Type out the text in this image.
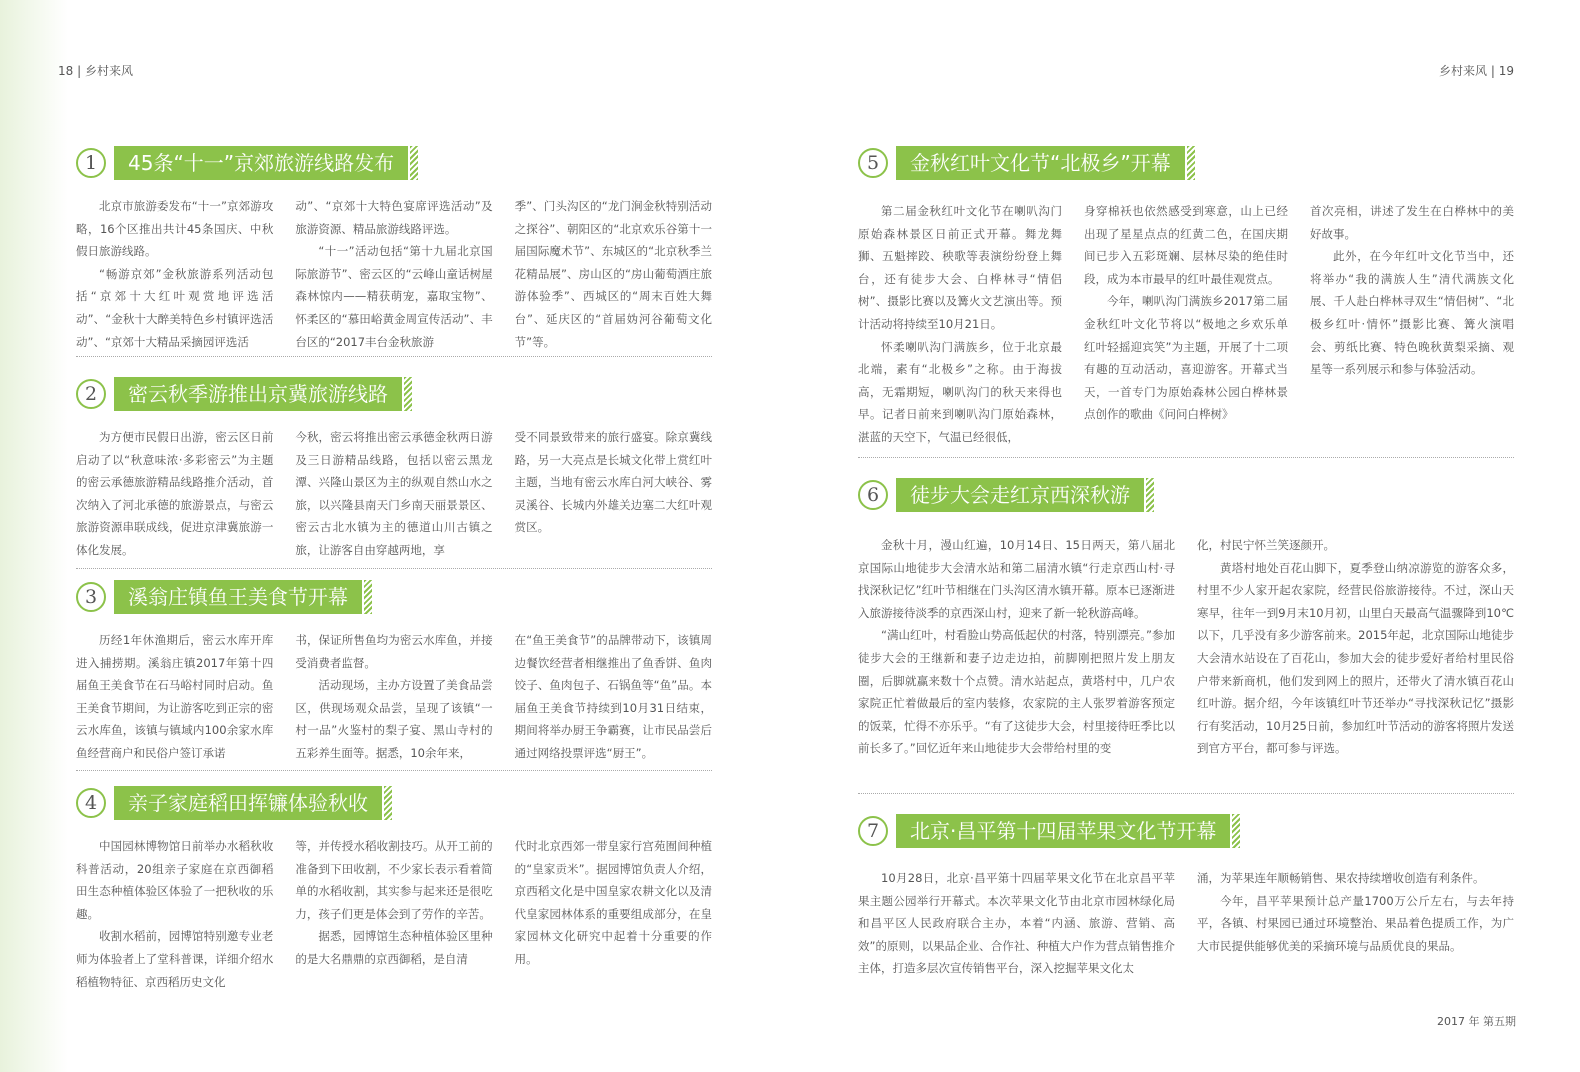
18 | 乡村来风
1	45条“十一”京郊旅游线路发布

北京市旅游委发布“十一”京郊游攻略，16个区推出共计45条国庆、中秋假日旅游线路。

“畅游京郊”金秋旅游系列活动包括“京郊十大红叶观赏地评选活动”、“金秋十大醉美特色乡村镇评选活动”、“京郊十大精品采摘园评选活

动”、“京郊十大特色宴席评选活动”及旅游资源、精品旅游线路评选。

“十一”活动包括“第十九届北京国际旅游节”、密云区的“云峰山童话树屋森林惊内——精获萌宠，嘉取宝物”、怀柔区的“慕田峪黄金周宣传活动”、丰台区的“2017丰台金秋旅游

季”、门头沟区的“龙门涧金秋特别活动之探谷”、朝阳区的“北京欢乐谷第十一届国际魔术节”、东城区的“北京秋季兰花精品展”、房山区的“房山葡萄酒庄旅游体验季”、西城区的“周末百姓大舞台”、延庆区的“首届妫河谷葡萄文化节”等。

2	密云秋季游推出京冀旅游线路

为方便市民假日出游，密云区日前启动了以“秋意味浓·多彩密云”为主题的密云承德旅游精品线路推介活动，首次纳入了河北承德的旅游景点，与密云旅游资源串联成线，促进京津冀旅游一体化发展。

今秋，密云将推出密云承德金秋两日游及三日游精品线路，包括以密云黑龙潭、兴隆山景区为主的纵观自然山水之旅，以兴隆县南天门乡南天丽景景区、密云古北水镇为主的德道山川古镇之旅，让游客自由穿越两地，享

受不同景致带来的旅行盛宴。除京冀线路，另一大亮点是长城文化带上赏红叶主题，当地有密云水库白河大峡谷、雾灵溪谷、长城内外雄关边塞二大红叶观赏区。

3	溪翁庄镇鱼王美食节开幕

历经1年休渔期后，密云水库开库进入捕捞期。溪翁庄镇2017年第十四届鱼王美食节在石马峪村同时启动。鱼王美食节期间，为让游客吃到正宗的密云水库鱼，该镇与镇域内100余家水库鱼经营商户和民俗户签订承诺

书，保证所售鱼均为密云水库鱼，并接受消费者监督。

活动现场，主办方设置了美食品尝区，供现场观众品尝，呈现了该镇“一村一品”火鉴村的梨子宴、黑山寺村的五彩养生面等。据悉，10余年来，

在“鱼王美食节”的品牌带动下，该镇周边餐饮经营者相继推出了鱼香饼、鱼肉饺子、鱼肉包子、石锅鱼等“鱼”品。本届鱼王美食节持续到10月31日结束，期间将举办厨王争霸赛，让市民品尝后通过网络投票评选“厨王”。

4	亲子家庭稻田挥镰体验秋收

中国园林博物馆日前举办水稻秋收科普活动，20组亲子家庭在京西御稻田生态种植体验区体验了一把秋收的乐趣。

收割水稻前，园博馆特别邀专业老师为体验者上了堂科普课，详细介绍水稻植物特征、京西稻历史文化

等，并传授水稻收割技巧。从开工前的准备到下田收割，不少家长表示看着简单的水稻收割，其实参与起来还是很吃力，孩子们更是体会到了劳作的辛苦。

据悉，园博馆生态种植体验区里种的是大名鼎鼎的京西御稻，是自清

代时北京西郊一带皇家行宫苑囿间种植的“皇家贡米”。据园博馆负责人介绍，京西稻文化是中国皇家农耕文化以及清代皇家园林体系的重要组成部分，在皇家园林文化研究中起着十分重要的作用。

乡村来风 | 19
2017 年 第五期
5	金秋红叶文化节“北极乡”开幕

第二届金秋红叶文化节在喇叭沟门原始森林景区日前正式开幕。舞龙舞狮、五魁摔跤、秧歌等表演纷纷登上舞台，还有徒步大会、白桦林寻“情侣树”、摄影比赛以及篝火文艺演出等。预计活动将持续至10月21日。

怀柔喇叭沟门满族乡，位于北京最北端，素有“北极乡”之称。由于海拔高，无霜期短，喇叭沟门的秋天来得也早。记者日前来到喇叭沟门原始森林，湛蓝的天空下，气温已经很低，

身穿棉袄也依然感受到寒意，山上已经出现了星星点点的红黄二色，在国庆期间已步入五彩斑斓、层林尽染的绝佳时段，成为本市最早的红叶最佳观赏点。

今年，喇叭沟门满族乡2017第二届金秋红叶文化节将以“极地之乡欢乐单 红叶轻摇迎宾笑”为主题，开展了十二项有趣的互动活动，喜迎游客。开幕式当天，一首专门为原始森林公园白桦林景点创作的歌曲《问问白桦树》

首次亮相，讲述了发生在白桦林中的美好故事。

此外，在今年红叶文化节当中，还将举办“我的满族人生”清代满族文化展、千人赴白桦林寻双生“情侣树”、“北极乡红叶·情怀”摄影比赛、篝火演唱会、剪纸比赛、特色晚秋黄梨采摘、观星等一系列展示和参与体验活动。

6	徒步大会走红京西深秋游

金秋十月，漫山红遍，10月14日、15日两天，第八届北京国际山地徒步大会清水站和第二届清水镇“行走京西山村·寻找深秋记忆”红叶节相继在门头沟区清水镇开幕。原本已逐渐进入旅游接待淡季的京西深山村，迎来了新一轮秋游高峰。

“满山红叶，村看脸山势高低起伏的村落，特别漂亮。”参加徒步大会的王继新和妻子边走边拍，前脚刚把照片发上朋友圈，后脚就赢来数十个点赞。清水站起点，黄塔村中，几户农家院正忙着做最后的室内装修，农家院的主人张罗着游客预定的饭菜，忙得不亦乐乎。“有了这徒步大会，村里接待旺季比以前长多了。”回忆近年来山地徒步大会带给村里的变

化，村民宁怀兰笑逐颜开。

黄塔村地处百花山脚下，夏季登山纳凉游览的游客众多，村里不少人家开起农家院，经营民俗旅游接待。不过，深山天寒早，往年一到9月末10月初，山里白天最高气温骤降到10℃以下，几乎没有多少游客前来。2015年起，北京国际山地徒步大会清水站设在了百花山，参加大会的徒步爱好者给村里民俗户带来新商机，他们发到网上的照片，还带火了清水镇百花山红叶游。据介绍，今年该镇红叶节还举办“寻找深秋记忆”摄影行有奖活动，10月25日前，参加红叶节活动的游客将照片发送到官方平台，都可参与评选。

7	北京·昌平第十四届苹果文化节开幕

10月28日，北京·昌平第十四届苹果文化节在北京昌平苹果主题公园举行开幕式。本次苹果文化节由北京市园林绿化局和昌平区人民政府联合主办，本着“内涵、旅游、营销、高效”的原则，以果品企业、合作社、种植大户作为营点销售推介主体，打造多层次宣传销售平台，深入挖掘苹果文化太

涌，为苹果连年顺畅销售、果农持续增收创造有利条件。

今年，昌平苹果预计总产量1700万公斤左右，与去年持平，各镇、村果园已通过环境整治、果品着色提质工作，为广大市民提供能够优美的采摘环境与品质优良的果品。
